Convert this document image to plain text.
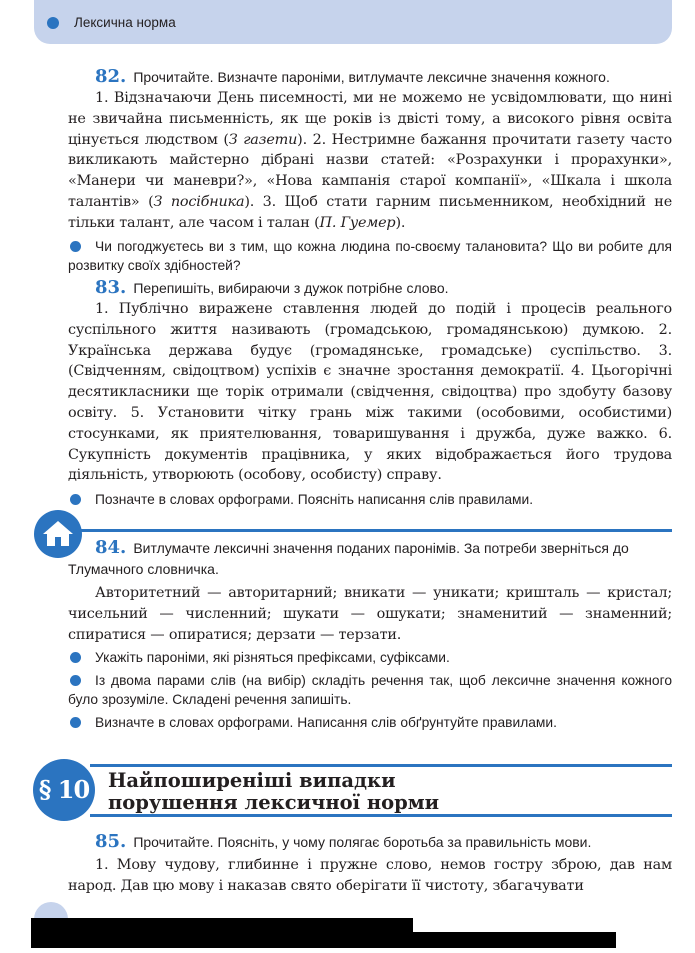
Лексична норма
82. Прочитайте. Визначте пароніми, витлумачте лексичне значення кожного.
1. Відзначаючи День писемності, ми не можемо не усвідомлювати, що нині не звичайна письменність, як ще років із двісті тому, а високого рівня освіта цінується людством (З газети). 2. Нестримне бажання прочитати газету часто викликають майстерно дібрані назви статей: «Розрахунки і прорахунки», «Манери чи маневри?», «Нова кампанія старої компанії», «Шкала і школа талантів» (З посібника). 3. Щоб стати гарним письменником, необхідний не тільки талант, але часом і талан (П. Гуемер).
Чи погоджуєтесь ви з тим, що кожна людина по-своєму талановита? Що ви робите для розвитку своїх здібностей?
83. Перепишіть, вибираючи з дужок потрібне слово.
1. Публічно виражене ставлення людей до подій і процесів реального суспільного життя називають (громадською, громадянською) думкою. 2. Українська держава будує (громадянське, громадське) суспільство. 3. (Свідченням, свідоцтвом) успіхів є значне зростання демократії. 4. Цьогорічні десятикласники ще торік отримали (свідчення, свідоцтва) про здобуту базову освіту. 5. Установити чітку грань між такими (особовими, особистими) стосунками, як приятелювання, товаришування і дружба, дуже важко. 6. Сукупність документів працівника, у яких відображається його трудова діяльність, утворюють (особову, особисту) справу.
Позначте в словах орфограми. Поясніть написання слів правилами.
84. Витлумачте лексичні значення поданих паронімів. За потреби зверніться до Тлумачного словничка.
Авторитетний — авторитарний; вникати — уникати; кришталь — кристал; чисельний — численний; шукати — ошукати; знаменитий — знаменний; спиратися — опиратися; дерзати — терзати.
Укажіть пароніми, які різняться префіксами, суфіксами.
Із двома парами слів (на вибір) складіть речення так, щоб лексичне значення кожного було зрозуміле. Складені речення запишіть.
Визначте в словах орфограми. Написання слів обґрунтуйте правилами.
§ 10 Найпоширеніші випадки
порушення лексичної норми
85. Прочитайте. Поясніть, у чому полягає боротьба за правильність мови.
1. Мову чудову, глибинне і пружне слово, немов гостру зброю, дав нам народ. Дав цю мову і наказав свято оберігати її чистоту, збагачувати
